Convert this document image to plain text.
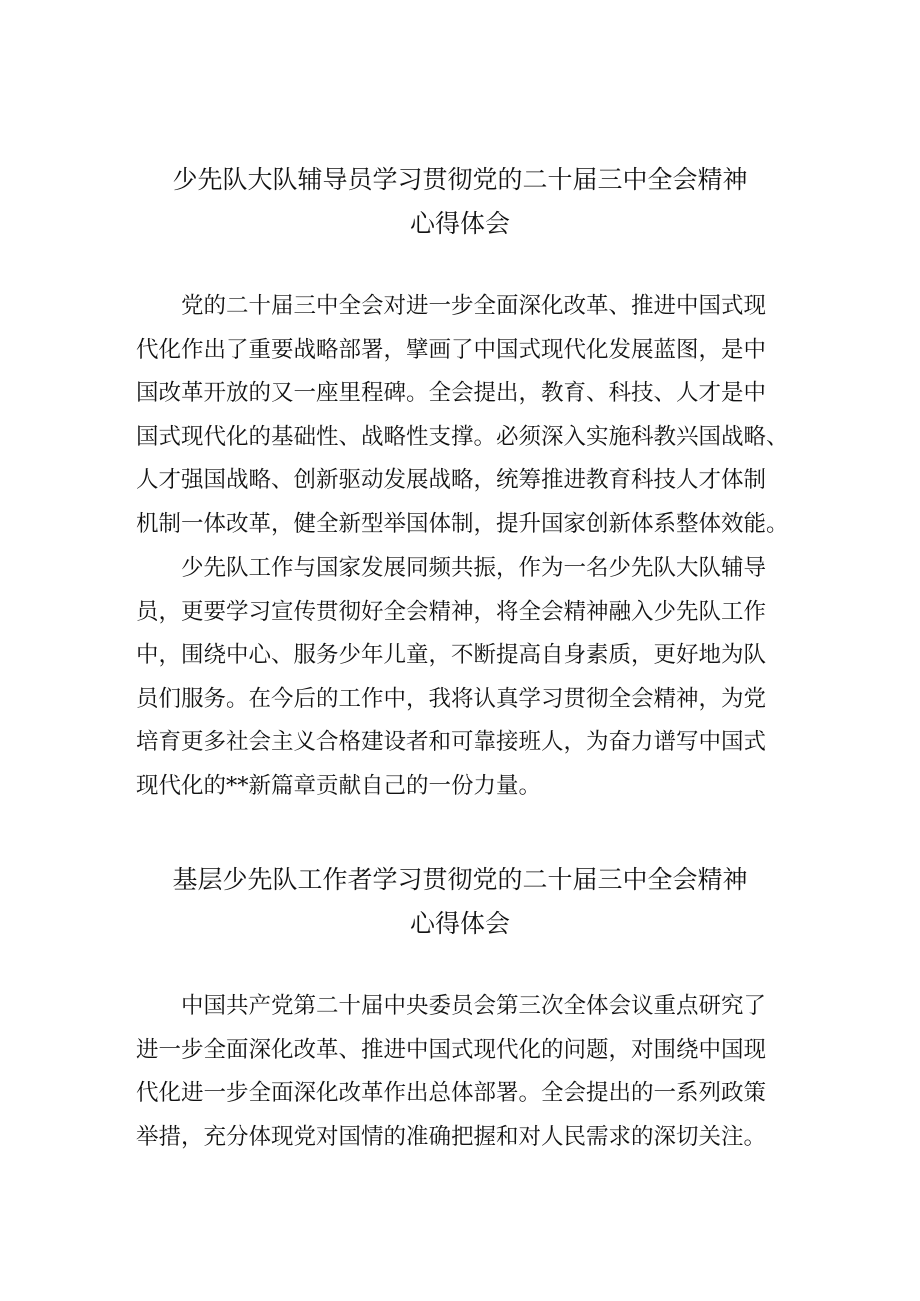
少先队大队辅导员学习贯彻党的二十届三中全会精神
心得体会
党的二十届三中全会对进一步全面深化改革、推进中国式现
代化作出了重要战略部署，擘画了中国式现代化发展蓝图，是中
国改革开放的又一座里程碑。全会提出，教育、科技、人才是中
国式现代化的基础性、战略性支撑。必须深入实施科教兴国战略、
人才强国战略、创新驱动发展战略，统筹推进教育科技人才体制
机制一体改革，健全新型举国体制，提升国家创新体系整体效能。
少先队工作与国家发展同频共振，作为一名少先队大队辅导
员，更要学习宣传贯彻好全会精神，将全会精神融入少先队工作
中，围绕中心、服务少年儿童，不断提高自身素质，更好地为队
员们服务。在今后的工作中，我将认真学习贯彻全会精神，为党
培育更多社会主义合格建设者和可靠接班人，为奋力谱写中国式
现代化的**新篇章贡献自己的一份力量。
基层少先队工作者学习贯彻党的二十届三中全会精神
心得体会
中国共产党第二十届中央委员会第三次全体会议重点研究了
进一步全面深化改革、推进中国式现代化的问题，对围绕中国现
代化进一步全面深化改革作出总体部署。全会提出的一系列政策
举措，充分体现党对国情的准确把握和对人民需求的深切关注。
